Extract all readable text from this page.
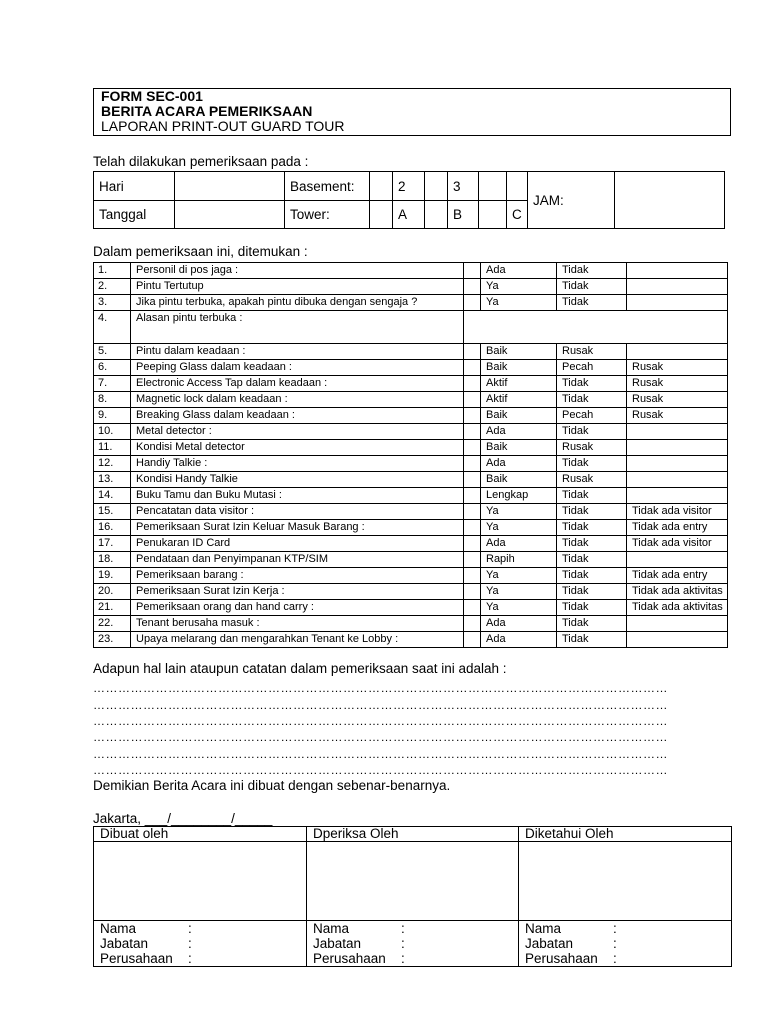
FORM SEC-001
BERITA ACARA PEMERIKSAAN
LAPORAN PRINT-OUT GUARD TOUR
Telah dilakukan pemeriksaan pada :
Hari		Basement:		2		3			JAM:	
Tanggal		Tower:		A		B		C		
Dalam pemeriksaan ini, ditemukan :
1.	Personil di pos jaga :		Ada	Tidak	
2.	Pintu Tertutup		Ya	Tidak	
3.	Jika pintu terbuka, apakah pintu dibuka dengan sengaja ?		Ya	Tidak	
4.	Alasan pintu terbuka :				
5.	Pintu dalam keadaan :		Baik	Rusak	
6.	Peeping Glass dalam keadaan :		Baik	Pecah	Rusak
7.	Electronic Access Tap dalam keadaan :		Aktif	Tidak	Rusak
8.	Magnetic lock dalam keadaan :		Aktif	Tidak	Rusak
9.	Breaking Glass dalam keadaan :		Baik	Pecah	Rusak
10.	Metal detector :		Ada	Tidak	
11.	Kondisi Metal detector		Baik	Rusak	
12.	Handiy Talkie :		Ada	Tidak	
13.	Kondisi Handy Talkie		Baik	Rusak	
14.	Buku Tamu dan Buku Mutasi :		Lengkap	Tidak	
15.	Pencatatan data visitor :		Ya	Tidak	Tidak ada visitor
16.	Pemeriksaan Surat Izin Keluar Masuk Barang :		Ya	Tidak	Tidak ada entry
17.	Penukaran ID Card		Ada	Tidak	Tidak ada visitor
18.	Pendataan dan Penyimpanan KTP/SIM		Rapih	Tidak	
19.	Pemeriksaan barang :		Ya	Tidak	Tidak ada entry
20.	Pemeriksaan Surat Izin Kerja :		Ya	Tidak	Tidak ada aktivitas
21.	Pemeriksaan orang dan hand carry :		Ya	Tidak	Tidak ada aktivitas
22.	Tenant berusaha masuk :		Ada	Tidak	
23.	Upaya melarang dan mengarahkan Tenant ke Lobby :		Ada	Tidak	
Adapun hal lain ataupun catatan dalam pemeriksaan saat ini adalah :
…………………………………………………………………………………………………………………………
…………………………………………………………………………………………………………………………
…………………………………………………………………………………………………………………………
…………………………………………………………………………………………………………………………
…………………………………………………………………………………………………………………………
…………………………………………………………………………………………………………………………
Demikian Berita Acara ini dibuat dengan sebenar-benarnya.
Jakarta, ___/________/_____
Dibuat oleh	Dperiksa Oleh	Diketahui Oleh

Nama :	Nama :	Nama :
Jabatan :	Jabatan :	Jabatan :
Perusahaan :	Perusahaan :	Perusahaan :
